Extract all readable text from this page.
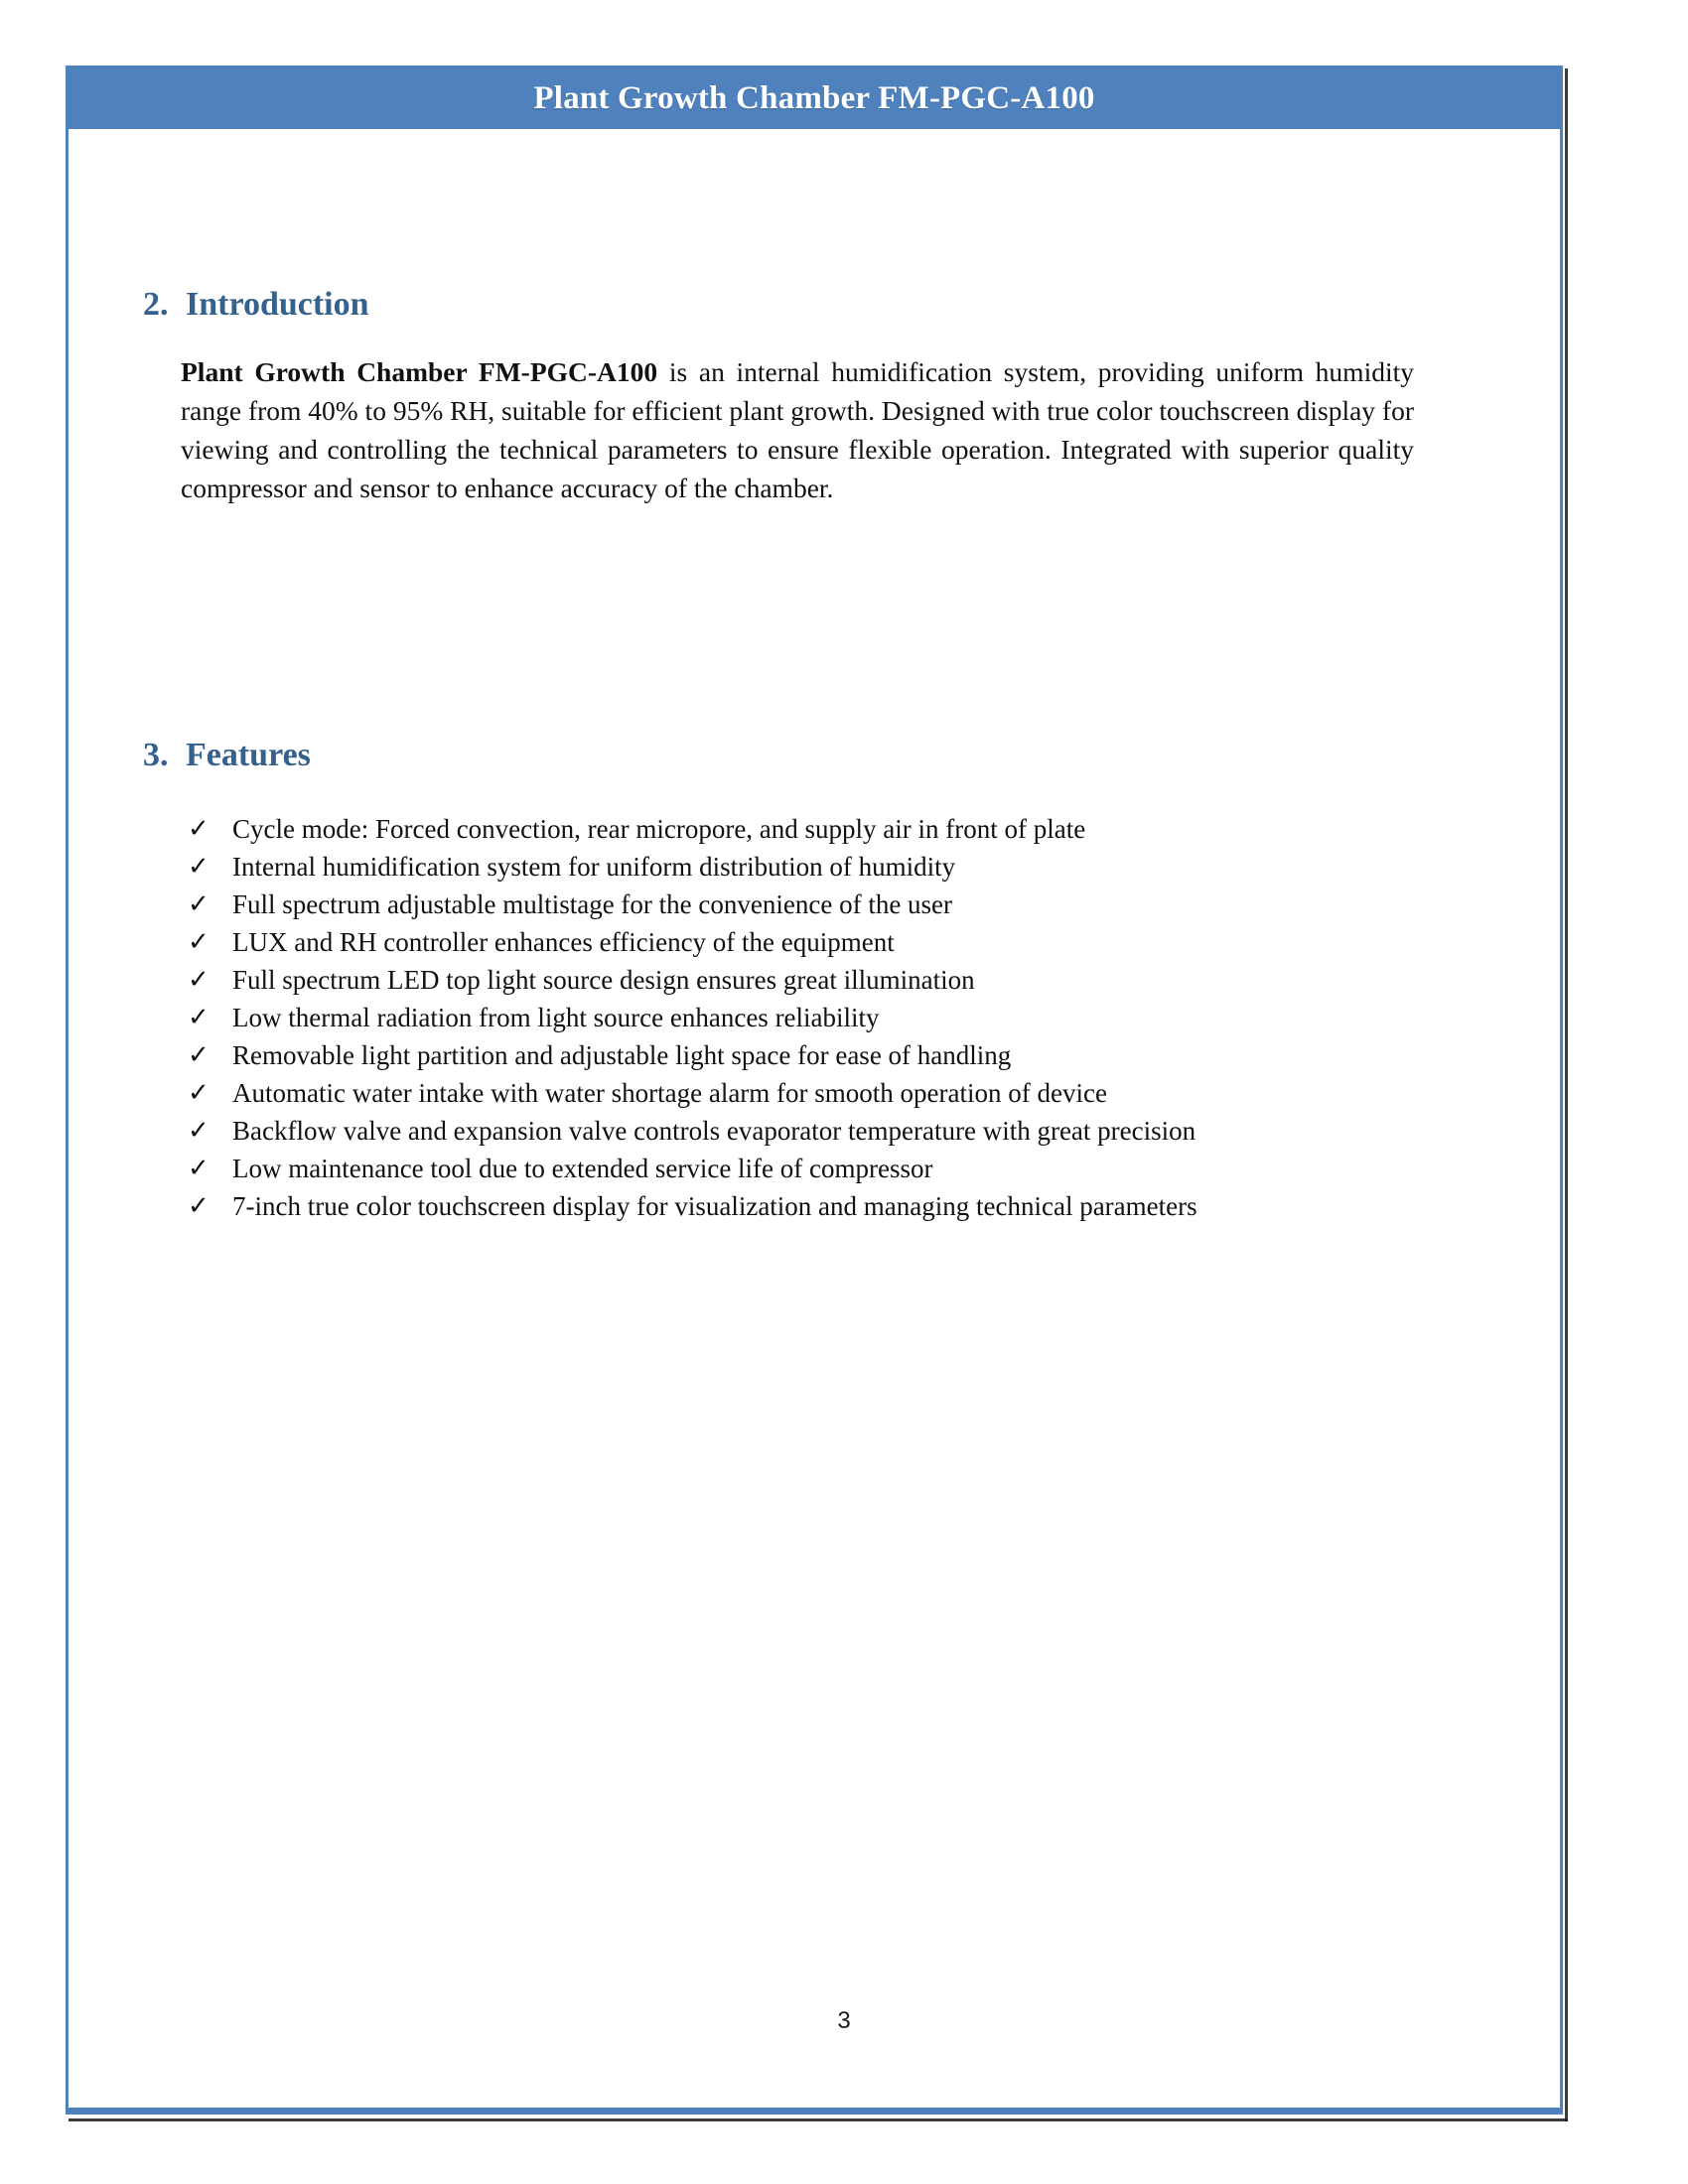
Plant Growth Chamber FM-PGC-A100
2. Introduction

Plant Growth Chamber FM-PGC-A100 is an internal humidification system, providing uniform humidity range from 40% to 95% RH, suitable for efficient plant growth. Designed with true color touchscreen display for viewing and controlling the technical parameters to ensure flexible operation. Integrated with superior quality compressor and sensor to enhance accuracy of the chamber.

3. Features
✓ Cycle mode: Forced convection, rear micropore, and supply air in front of plate
✓ Internal humidification system for uniform distribution of humidity
✓ Full spectrum adjustable multistage for the convenience of the user
✓ LUX and RH controller enhances efficiency of the equipment
✓ Full spectrum LED top light source design ensures great illumination
✓ Low thermal radiation from light source enhances reliability
✓ Removable light partition and adjustable light space for ease of handling
✓ Automatic water intake with water shortage alarm for smooth operation of device
✓ Backflow valve and expansion valve controls evaporator temperature with great precision
✓ Low maintenance tool due to extended service life of compressor
✓ 7-inch true color touchscreen display for visualization and managing technical parameters
3
